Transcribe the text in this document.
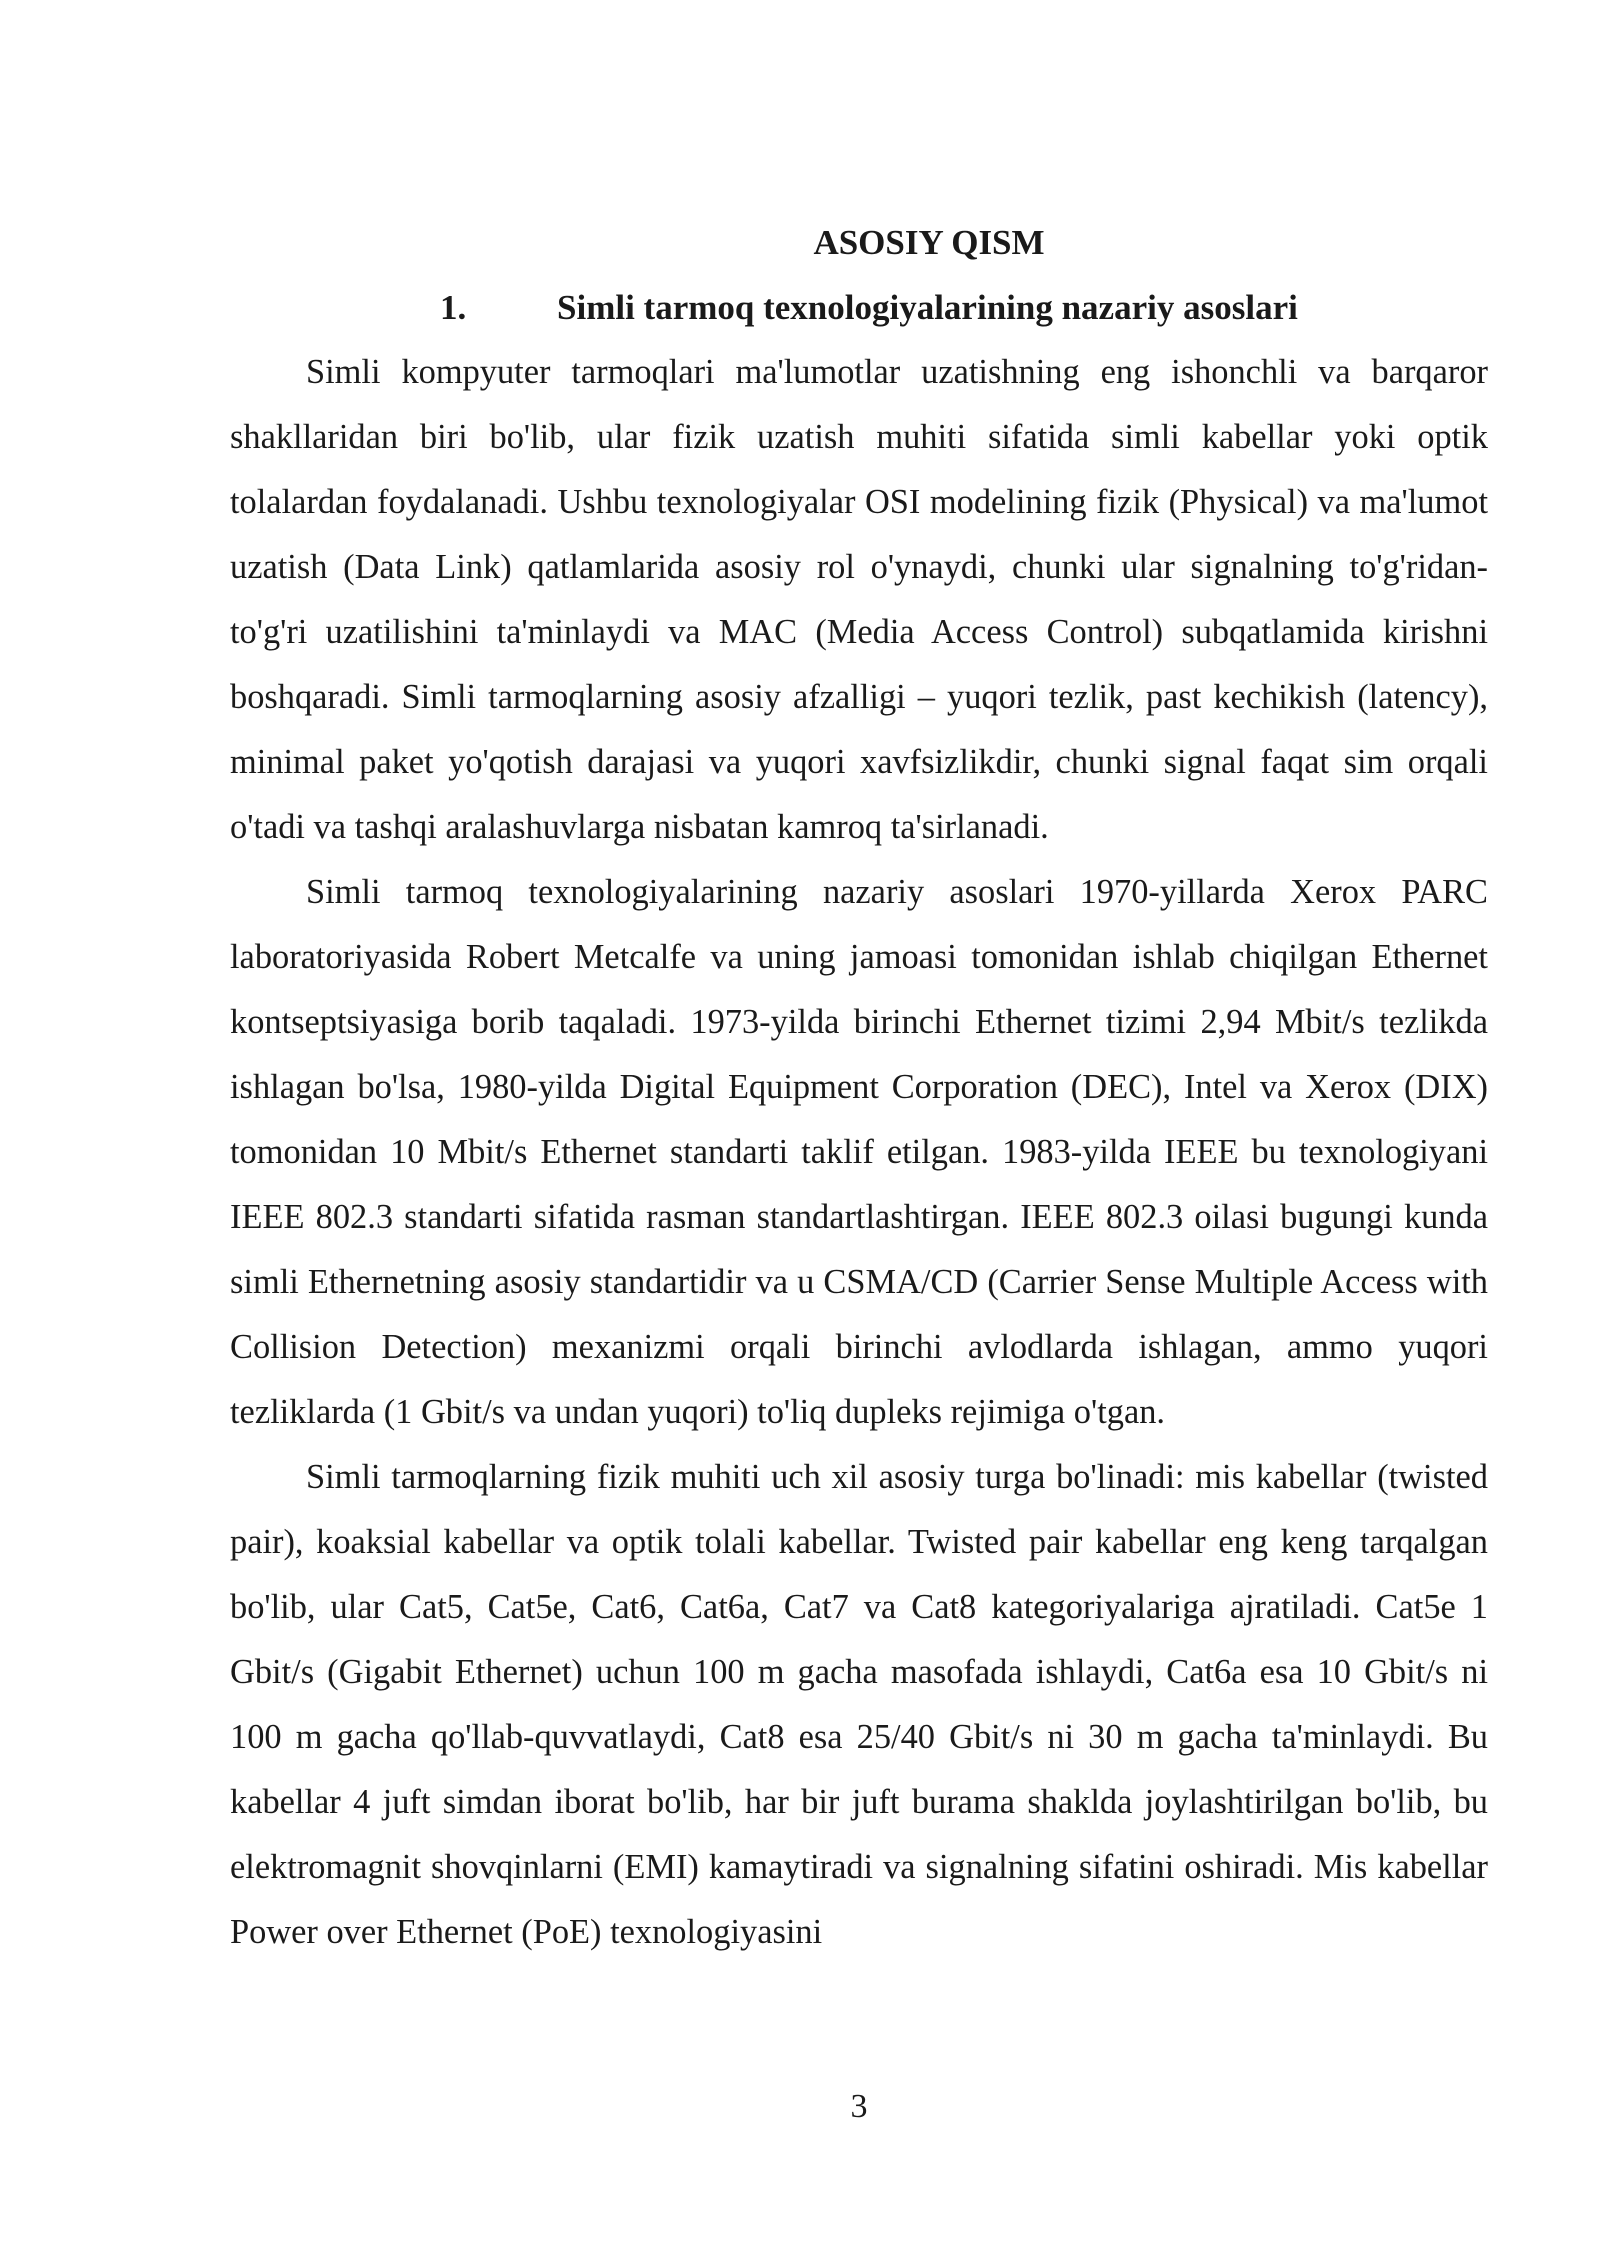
ASOSIY QISM
1.	Simli tarmoq texnologiyalarining nazariy asoslari

Simli kompyuter tarmoqlari ma'lumotlar uzatishning eng ishonchli va barqaror shakllaridan biri bo'lib, ular fizik uzatish muhiti sifatida simli kabellar yoki optik tolalardan foydalanadi. Ushbu texnologiyalar OSI modelining fizik (Physical) va ma'lumot uzatish (Data Link) qatlamlarida asosiy rol o'ynaydi, chunki ular signalning to'g'ridan-to'g'ri uzatilishini ta'minlaydi va MAC (Media Access Control) subqatlamida kirishni boshqaradi. Simli tarmoqlarning asosiy afzalligi – yuqori tezlik, past kechikish (latency), minimal paket yo'qotish darajasi va yuqori xavfsizlikdir, chunki signal faqat sim orqali o'tadi va tashqi aralashuvlarga nisbatan kamroq ta'sirlanadi.

Simli tarmoq texnologiyalarining nazariy asoslari 1970-yillarda Xerox PARC laboratoriyasida Robert Metcalfe va uning jamoasi tomonidan ishlab chiqilgan Ethernet kontseptsiyasiga borib taqaladi. 1973-yilda birinchi Ethernet tizimi 2,94 Mbit/s tezlikda ishlagan bo'lsa, 1980-yilda Digital Equipment Corporation (DEC), Intel va Xerox (DIX) tomonidan 10 Mbit/s Ethernet standarti taklif etilgan. 1983-yilda IEEE bu texnologiyani IEEE 802.3 standarti sifatida rasman standartlashtirgan. IEEE 802.3 oilasi bugungi kunda simli Ethernetning asosiy standartidir va u CSMA/CD (Carrier Sense Multiple Access with Collision Detection) mexanizmi orqali birinchi avlodlarda ishlagan, ammo yuqori tezliklarda (1 Gbit/s va undan yuqori) to'liq dupleks rejimiga o'tgan.

Simli tarmoqlarning fizik muhiti uch xil asosiy turga bo'linadi: mis kabellar (twisted pair), koaksial kabellar va optik tolali kabellar. Twisted pair kabellar eng keng tarqalgan bo'lib, ular Cat5, Cat5e, Cat6, Cat6a, Cat7 va Cat8 kategoriyalariga ajratiladi. Cat5e 1 Gbit/s (Gigabit Ethernet) uchun 100 m gacha masofada ishlaydi, Cat6a esa 10 Gbit/s ni 100 m gacha qo'llab-quvvatlaydi, Cat8 esa 25/40 Gbit/s ni 30 m gacha ta'minlaydi. Bu kabellar 4 juft simdan iborat bo'lib, har bir juft burama shaklda joylashtirilgan bo'lib, bu elektromagnit shovqinlarni (EMI) kamaytiradi va signalning sifatini oshiradi. Mis kabellar Power over Ethernet (PoE) texnologiyasini

3
